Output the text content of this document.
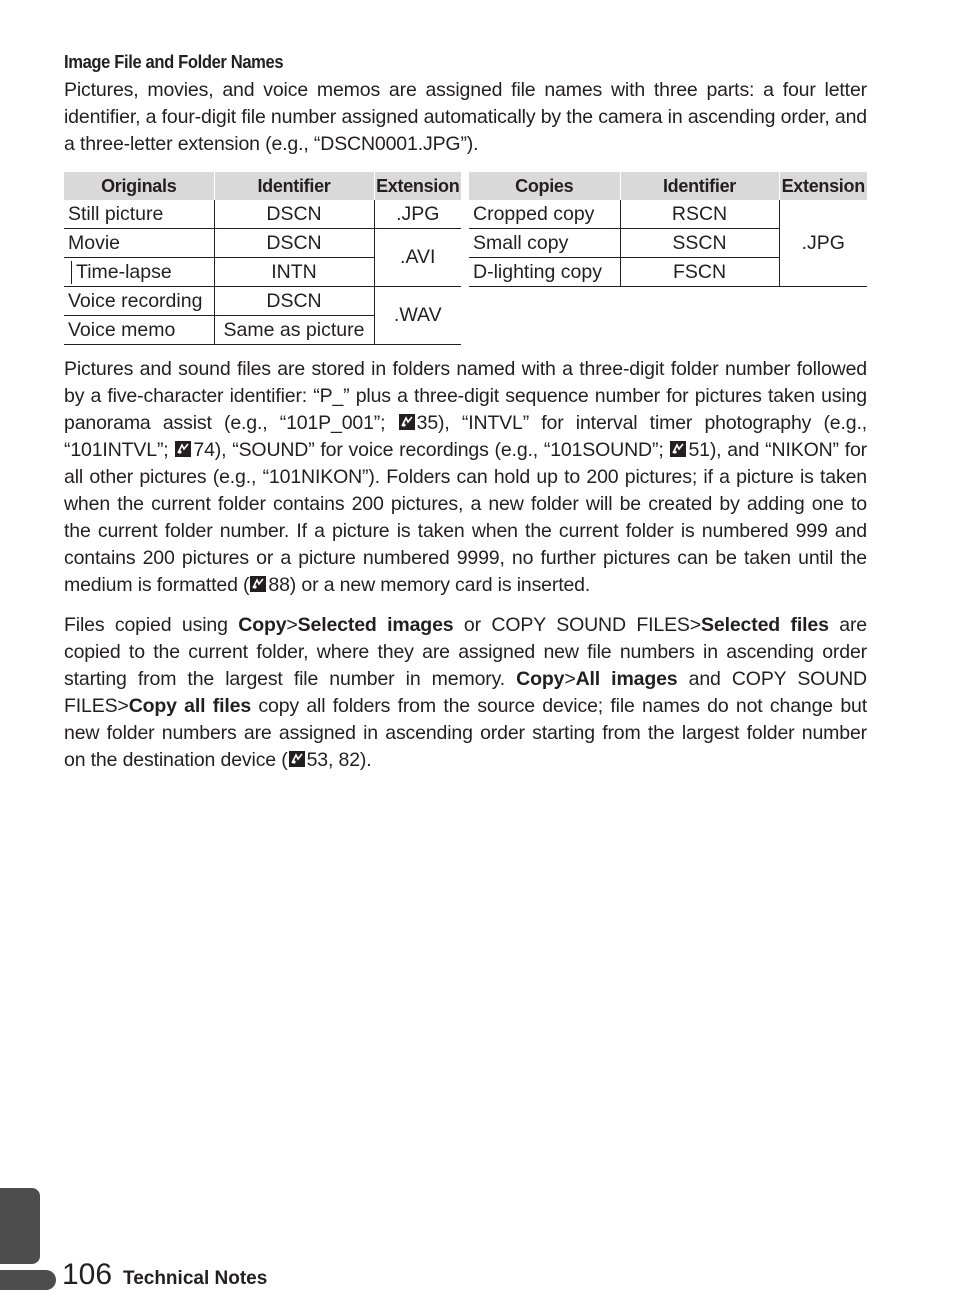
Image File and Folder Names
Pictures, movies, and voice memos are assigned file names with three parts: a four letter identifier, a four-digit file number assigned automatically by the camera in ascending order, and a three-letter extension (e.g., “DSCN0001.JPG”).
Originals	Identifier	Extension
Still picture	DSCN	.JPG
Movie	DSCN	.AVI

Time-lapse	INTN	
Voice recording	DSCN	.WAV
Voice memo	Same as picture	
Copies	Identifier	Extension
Cropped copy	RSCN	.JPG
Small copy	SSCN	
D-lighting copy	FSCN	
Pictures and sound files are stored in folders named with a three-digit folder number followed by a five-character identifier: “P_” plus a three-digit sequence number for pictures taken using panorama assist (e.g., “101P_001”; 35), “INTVL” for interval timer photography (e.g., “101INTVL”; 74), “SOUND” for voice recordings (e.g., “101SOUND”; 51), and “NIKON” for all other pictures (e.g., “101NIKON”). Folders can hold up to 200 pictures; if a picture is taken when the current folder contains 200 pictures, a new folder will be created by adding one to the current folder number. If a picture is taken when the current folder is numbered 999 and contains 200 pictures or a picture numbered 9999, no further pictures can be taken until the medium is formatted ( 88) or a new memory card is inserted.
Files copied using Copy>Selected images or COPY SOUND FILES>Selected files are copied to the current folder, where they are assigned new file numbers in ascending order starting from the largest file number in memory. Copy>All images and COPY SOUND FILES>Copy all files copy all folders from the source device; file names do not change but new folder numbers are assigned in ascending order starting from the largest folder number on the destination device ( 53, 82).
106 Technical Notes
